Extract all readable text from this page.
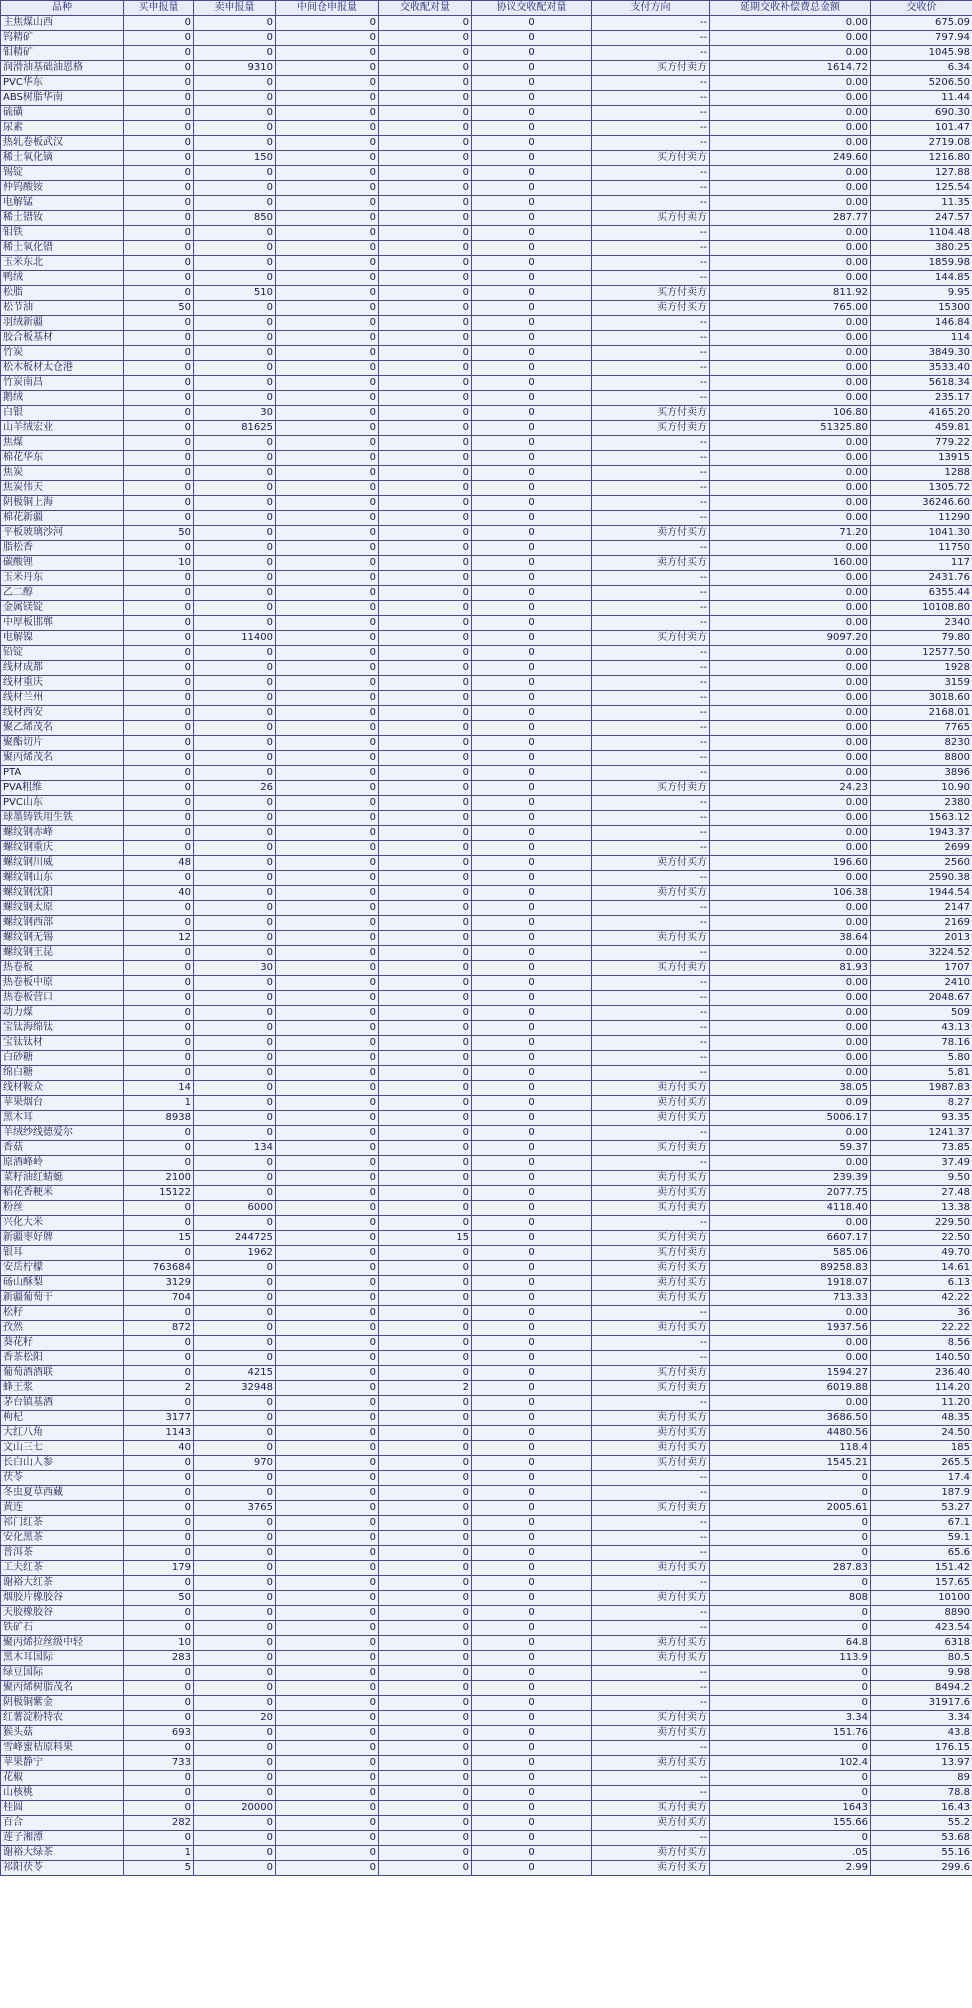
品种	买申报量	卖申报量	中间仓申报量	交收配对量	协议交收配对量	支付方向	延期交收补偿费总金额	交收价
主焦煤山西	0	0	0	0	0	--	0.00	675.09
钨精矿	0	0	0	0	0	--	0.00	797.94
钼精矿	0	0	0	0	0	--	0.00	1045.98
润滑油基础油恩格	0	9310	0	0	0	买方付卖方	1614.72	6.34
PVC华东	0	0	0	0	0	--	0.00	5206.50
ABS树脂华南	0	0	0	0	0	--	0.00	11.44
硫磺	0	0	0	0	0	--	0.00	690.30
尿素	0	0	0	0	0	--	0.00	101.47
热轧卷板武汉	0	0	0	0	0	--	0.00	2719.08
稀土氧化镝	0	150	0	0	0	买方付卖方	249.60	1216.80
锡锭	0	0	0	0	0	--	0.00	127.88
仲钨酸铵	0	0	0	0	0	--	0.00	125.54
电解锰	0	0	0	0	0	--	0.00	11.35
稀土镨钕	0	850	0	0	0	买方付卖方	287.77	247.57
钼铁	0	0	0	0	0	--	0.00	1104.48
稀土氧化镨	0	0	0	0	0	--	0.00	380.25
玉米东北	0	0	0	0	0	--	0.00	1859.98
鸭绒	0	0	0	0	0	--	0.00	144.85
松脂	0	510	0	0	0	买方付卖方	811.92	9.95
松节油	50	0	0	0	0	卖方付买方	765.00	15300
羽绒新疆	0	0	0	0	0	--	0.00	146.84
胶合板基材	0	0	0	0	0	--	0.00	114
竹炭	0	0	0	0	0	--	0.00	3849.30
松木板材太仓港	0	0	0	0	0	--	0.00	3533.40
竹炭南昌	0	0	0	0	0	--	0.00	5618.34
鹅绒	0	0	0	0	0	--	0.00	235.17
白银	0	30	0	0	0	买方付卖方	106.80	4165.20
山羊绒宏业	0	81625	0	0	0	买方付卖方	51325.80	459.81
焦煤	0	0	0	0	0	--	0.00	779.22
棉花华东	0	0	0	0	0	--	0.00	13915
焦炭	0	0	0	0	0	--	0.00	1288
焦炭伟天	0	0	0	0	0	--	0.00	1305.72
阴极铜上海	0	0	0	0	0	--	0.00	36246.60
棉花新疆	0	0	0	0	0	--	0.00	11290
平板玻璃沙河	50	0	0	0	0	卖方付买方	71.20	1041.30
脂松香	0	0	0	0	0	--	0.00	11750
碳酸锂	10	0	0	0	0	卖方付买方	160.00	117
玉米丹东	0	0	0	0	0	--	0.00	2431.76
乙二醇	0	0	0	0	0	--	0.00	6355.44
金属镁锭	0	0	0	0	0	--	0.00	10108.80
中厚板邯郸	0	0	0	0	0	--	0.00	2340
电解镍	0	11400	0	0	0	买方付卖方	9097.20	79.80
铅锭	0	0	0	0	0	--	0.00	12577.50
线材成都	0	0	0	0	0	--	0.00	1928
线材重庆	0	0	0	0	0	--	0.00	3159
线材兰州	0	0	0	0	0	--	0.00	3018.60
线材西安	0	0	0	0	0	--	0.00	2168.01
聚乙烯茂名	0	0	0	0	0	--	0.00	7765
聚酯切片	0	0	0	0	0	--	0.00	8230
聚丙烯茂名	0	0	0	0	0	--	0.00	8800
PTA	0	0	0	0	0	--	0.00	3896
PVA粗维	0	26	0	0	0	买方付卖方	24.23	10.90
PVC山东	0	0	0	0	0	--	0.00	2380
球墨铸铁用生铁	0	0	0	0	0	--	0.00	1563.12
螺纹钢赤峰	0	0	0	0	0	--	0.00	1943.37
螺纹钢重庆	0	0	0	0	0	--	0.00	2699
螺纹钢川威	48	0	0	0	0	卖方付买方	196.60	2560
螺纹钢山东	0	0	0	0	0	--	0.00	2590.38
螺纹钢沈阳	40	0	0	0	0	卖方付买方	106.38	1944.54
螺纹钢太原	0	0	0	0	0	--	0.00	2147
螺纹钢西部	0	0	0	0	0	--	0.00	2169
螺纹钢无锡	12	0	0	0	0	卖方付买方	38.64	2013
螺纹钢王昆	0	0	0	0	0	--	0.00	3224.52
热卷板	0	30	0	0	0	买方付卖方	81.93	1707
热卷板中原	0	0	0	0	0	--	0.00	2410
热卷板营口	0	0	0	0	0	--	0.00	2048.67
动力煤	0	0	0	0	0	--	0.00	509
宝钛海绵钛	0	0	0	0	0	--	0.00	43.13
宝钛钛材	0	0	0	0	0	--	0.00	78.16
白砂糖	0	0	0	0	0	--	0.00	5.80
绵白糖	0	0	0	0	0	--	0.00	5.81
线材鞍众	14	0	0	0	0	卖方付买方	38.05	1987.83
苹果烟台	1	0	0	0	0	卖方付买方	0.09	8.27
黑木耳	8938	0	0	0	0	卖方付买方	5006.17	93.35
羊绒纱线德爱尔	0	0	0	0	0	--	0.00	1241.37
香菇	0	134	0	0	0	买方付卖方	59.37	73.85
原酒峰岭	0	0	0	0	0	--	0.00	37.49
菜籽油红蜻蜓	2100	0	0	0	0	卖方付买方	239.39	9.50
稻花香粳米	15122	0	0	0	0	卖方付买方	2077.75	27.48
粉丝	0	6000	0	0	0	买方付卖方	4118.40	13.38
兴化大米	0	0	0	0	0	--	0.00	229.50
新疆枣好牌	15	244725	0	15	0	买方付卖方	6607.17	22.50
银耳	0	1962	0	0	0	买方付卖方	585.06	49.70
安岳柠檬	763684	0	0	0	0	卖方付买方	89258.83	14.61
砀山酥梨	3129	0	0	0	0	卖方付买方	1918.07	6.13
新疆葡萄干	704	0	0	0	0	卖方付买方	713.33	42.22
松籽	0	0	0	0	0	--	0.00	36
孜然	872	0	0	0	0	卖方付买方	1937.56	22.22
葵花籽	0	0	0	0	0	--	0.00	8.56
香茶松阳	0	0	0	0	0	--	0.00	140.50
葡萄酒酒联	0	4215	0	0	0	买方付卖方	1594.27	236.40
蜂王浆	2	32948	0	2	0	买方付卖方	6019.88	114.20
茅台镇基酒	0	0	0	0	0	--	0.00	11.20
枸杞	3177	0	0	0	0	卖方付买方	3686.50	48.35
大红八角	1143	0	0	0	0	卖方付买方	4480.56	24.50
文山三七	40	0	0	0	0	卖方付买方	118.4	185
长白山人参	0	970	0	0	0	买方付卖方	1545.21	265.5
茯苓	0	0	0	0	0	--	0	17.4
冬虫夏草西藏	0	0	0	0	0	--	0	187.9
黄连	0	3765	0	0	0	买方付卖方	2005.61	53.27
祁门红茶	0	0	0	0	0	--	0	67.1
安化黑茶	0	0	0	0	0	--	0	59.1
普洱茶	0	0	0	0	0	--	0	65.6
工夫红茶	179	0	0	0	0	卖方付买方	287.83	151.42
谢裕大红茶	0	0	0	0	0	--	0	157.65
烟胶片橡胶谷	50	0	0	0	0	卖方付买方	808	10100
天胶橡胶谷	0	0	0	0	0	--	0	8890
铁矿石	0	0	0	0	0	--	0	423.54
聚丙烯拉丝级中轻	10	0	0	0	0	卖方付买方	64.8	6318
黑木耳国际	283	0	0	0	0	卖方付买方	113.9	80.5
绿豆国际	0	0	0	0	0	--	0	9.98
聚丙烯树脂茂名	0	0	0	0	0	--	0	8494.2
阴极铜紫金	0	0	0	0	0	--	0	31917.6
红薯淀粉特农	0	20	0	0	0	买方付卖方	3.34	3.34
猴头菇	693	0	0	0	0	卖方付买方	151.76	43.8
雪峰蜜桔原料果	0	0	0	0	0	--	0	176.15
苹果静宁	733	0	0	0	0	卖方付买方	102.4	13.97
花椒	0	0	0	0	0	--	0	89
山核桃	0	0	0	0	0	--	0	78.8
桂圆	0	20000	0	0	0	买方付卖方	1643	16.43
百合	282	0	0	0	0	卖方付买方	155.66	55.2
莲子湘潭	0	0	0	0	0	--	0	53.68
谢裕大绿茶	1	0	0	0	0	卖方付买方	.05	55.16
祁阳茯苓	5	0	0	0	0	卖方付买方	2.99	299.6
